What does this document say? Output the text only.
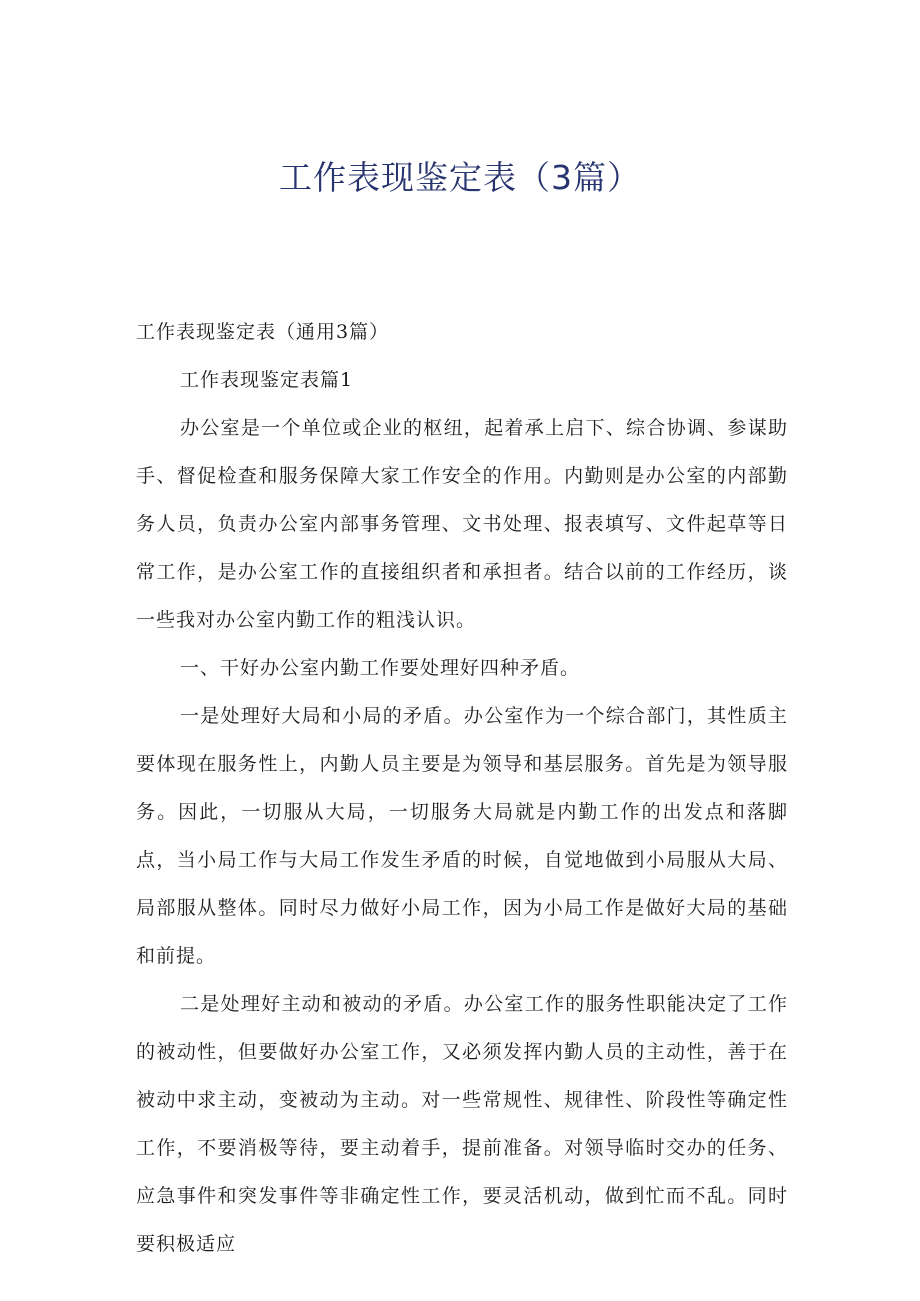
工作表现鉴定表（3篇）

工作表现鉴定表（通用3篇）

工作表现鉴定表篇1

办公室是一个单位或企业的枢纽，起着承上启下、综合协调、参谋助手、督促检查和服务保障大家工作安全的作用。内勤则是办公室的内部勤务人员，负责办公室内部事务管理、文书处理、报表填写、文件起草等日常工作，是办公室工作的直接组织者和承担者。结合以前的工作经历，谈一些我对办公室内勤工作的粗浅认识。

一、干好办公室内勤工作要处理好四种矛盾。

一是处理好大局和小局的矛盾。办公室作为一个综合部门，其性质主要体现在服务性上，内勤人员主要是为领导和基层服务。首先是为领导服务。因此，一切服从大局，一切服务大局就是内勤工作的出发点和落脚点，当小局工作与大局工作发生矛盾的时候，自觉地做到小局服从大局、局部服从整体。同时尽力做好小局工作，因为小局工作是做好大局的基础和前提。

二是处理好主动和被动的矛盾。办公室工作的服务性职能决定了工作的被动性，但要做好办公室工作，又必须发挥内勤人员的主动性，善于在被动中求主动，变被动为主动。对一些常规性、规律性、阶段性等确定性工作，不要消极等待，要主动着手，提前准备。对领导临时交办的任务、应急事件和突发事件等非确定性工作，要灵活机动，做到忙而不乱。同时要积极适应
